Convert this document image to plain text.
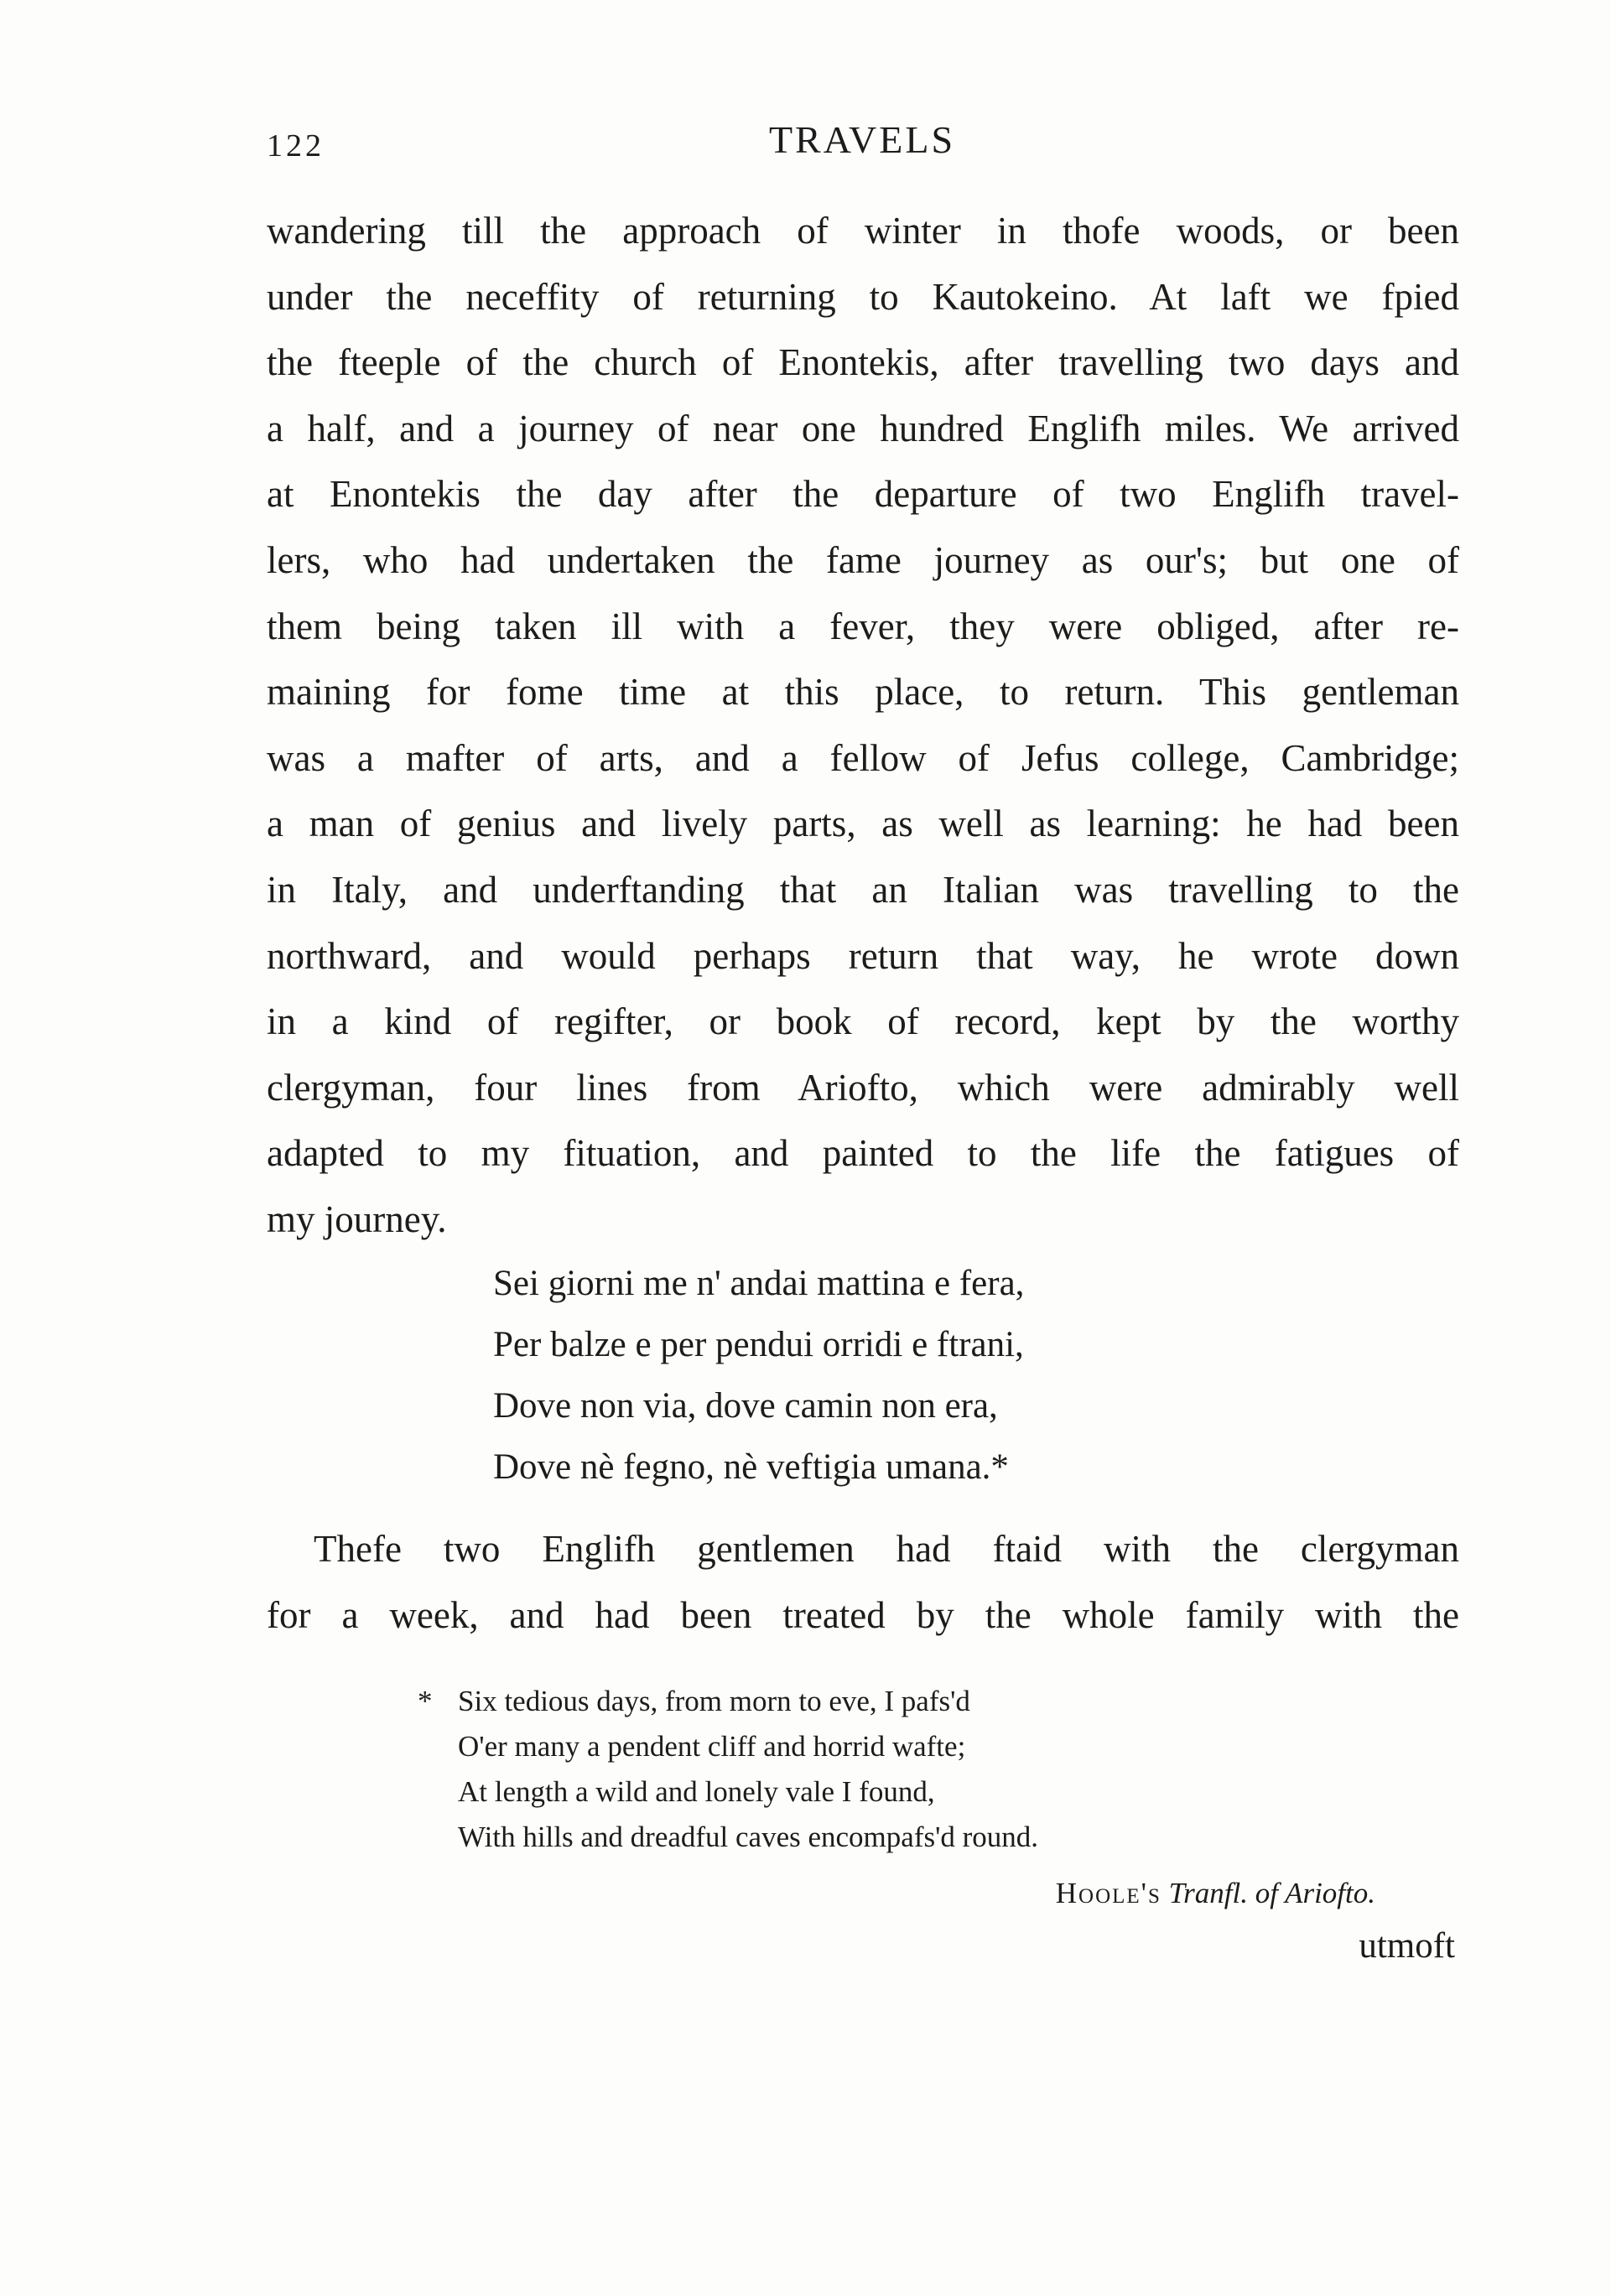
122	TRAVELS
wandering till the approach of winter in thofe woods, or been
under the neceffity of returning to Kautokeino. At laft we fpied
the fteeple of the church of Enontekis, after travelling two days and
a half, and a journey of near one hundred Englifh miles. We arrived
at Enontekis the day after the departure of two Englifh travel-
lers, who had undertaken the fame journey as our's; but one of
them being taken ill with a fever, they were obliged, after re-
maining for fome time at this place, to return. This gentleman
was a mafter of arts, and a fellow of Jefus college, Cambridge;
a man of genius and lively parts, as well as learning: he had been
in Italy, and underftanding that an Italian was travelling to the
northward, and would perhaps return that way, he wrote down
in a kind of regifter, or book of record, kept by the worthy
clergyman, four lines from Ariofto, which were admirably well
adapted to my fituation, and painted to the life the fatigues of
my journey.
Sei giorni me n' andai mattina e fera,
Per balze e per pendui orridi e ftrani,
Dove non via, dove camin non era,
Dove nè fegno, nè veftigia umana.*
Thefe two Englifh gentlemen had ftaid with the clergyman
for a week, and had been treated by the whole family with the
* Six tedious days, from morn to eve, I pafs'd
O'er many a pendent cliff and horrid wafte;
At length a wild and lonely vale I found,
With hills and dreadful caves encompafs'd round.
Hoole's Tranfl. of Ariofto.
utmoft
